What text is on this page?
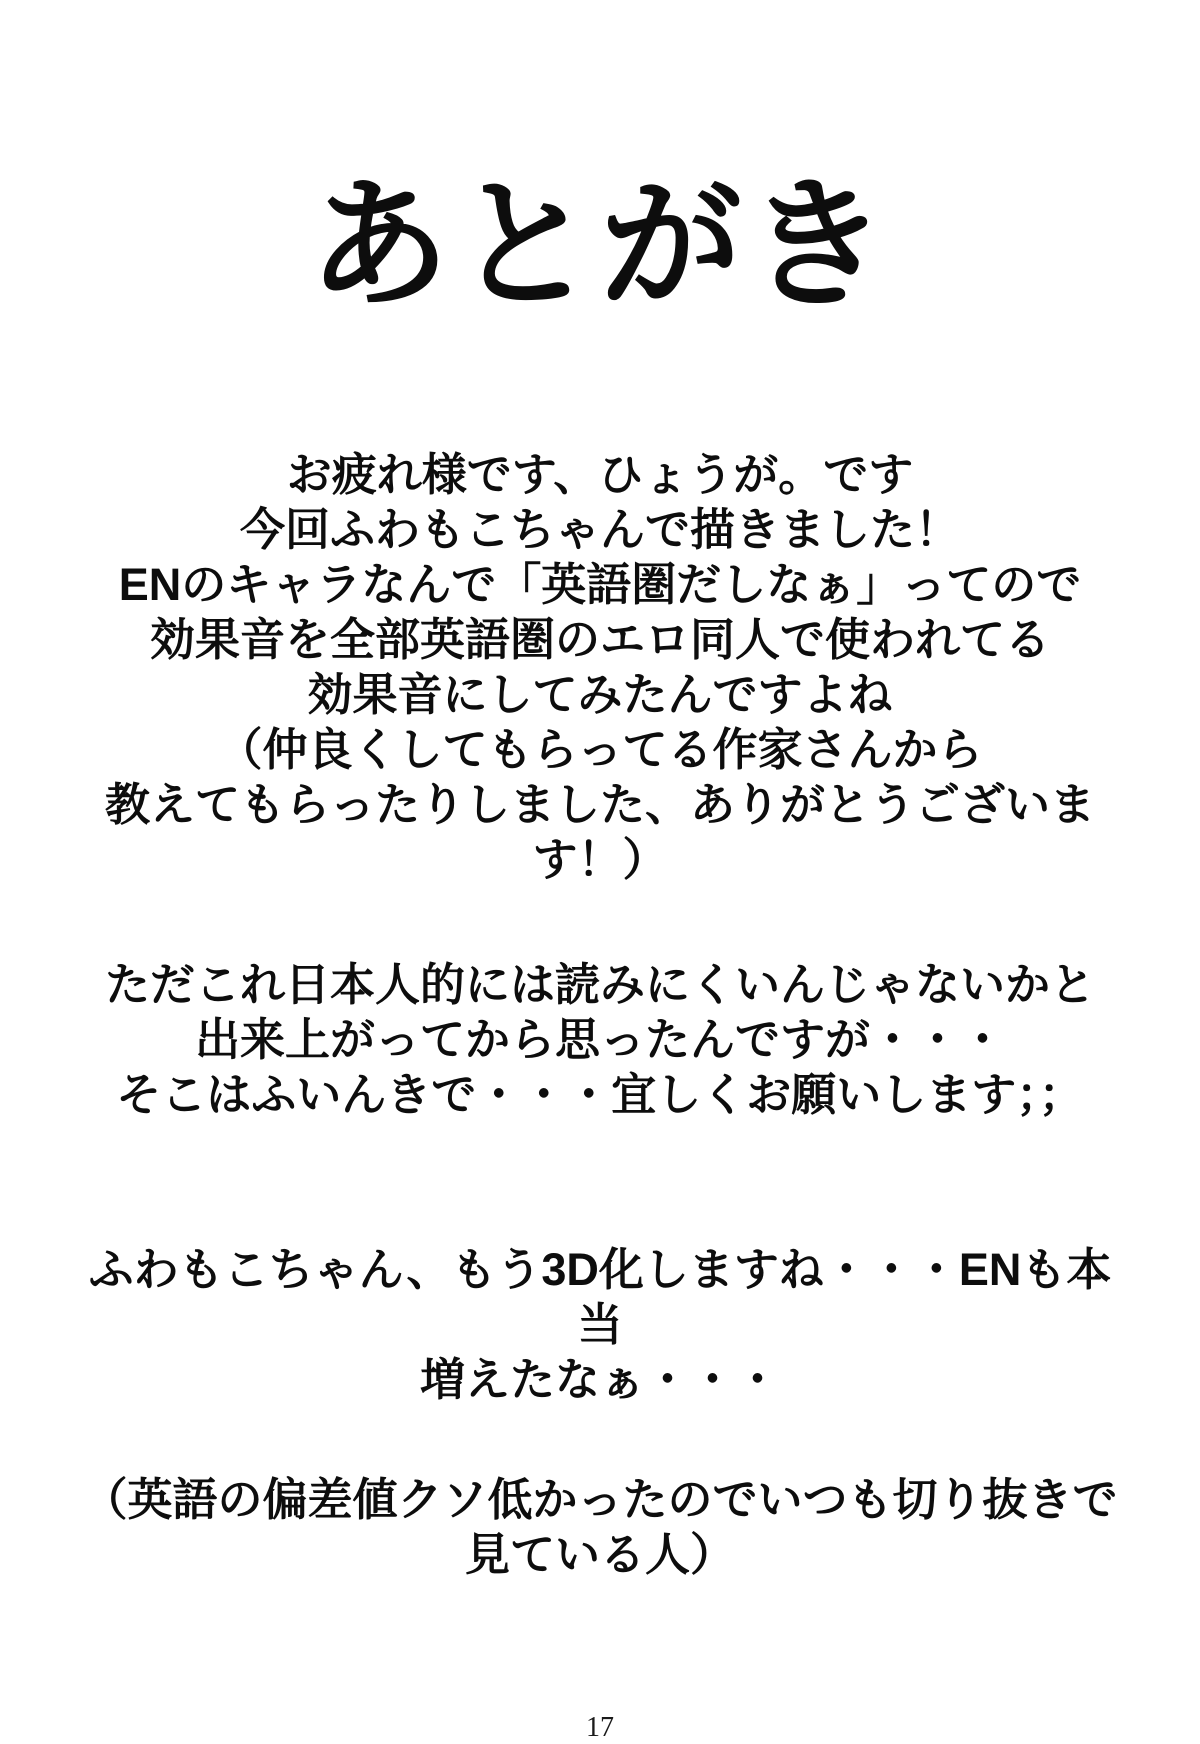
あとがき

お疲れ様です、ひょうが。です
今回ふわもこちゃんで描きました！
ENのキャラなんで「英語圏だしなぁ」ってので
効果音を全部英語圏のエロ同人で使われてる
効果音にしてみたんですよね
（仲良くしてもらってる作家さんから
教えてもらったりしました、ありがとうございます！）

ただこれ日本人的には読みにくいんじゃないかと
出来上がってから思ったんですが・・・
そこはふいんきで・・・宜しくお願いします；；

ふわもこちゃん、もう3D化しますね・・・ENも本当
増えたなぁ・・・

（英語の偏差値クソ低かったのでいつも切り抜きで
見ている人）

17
